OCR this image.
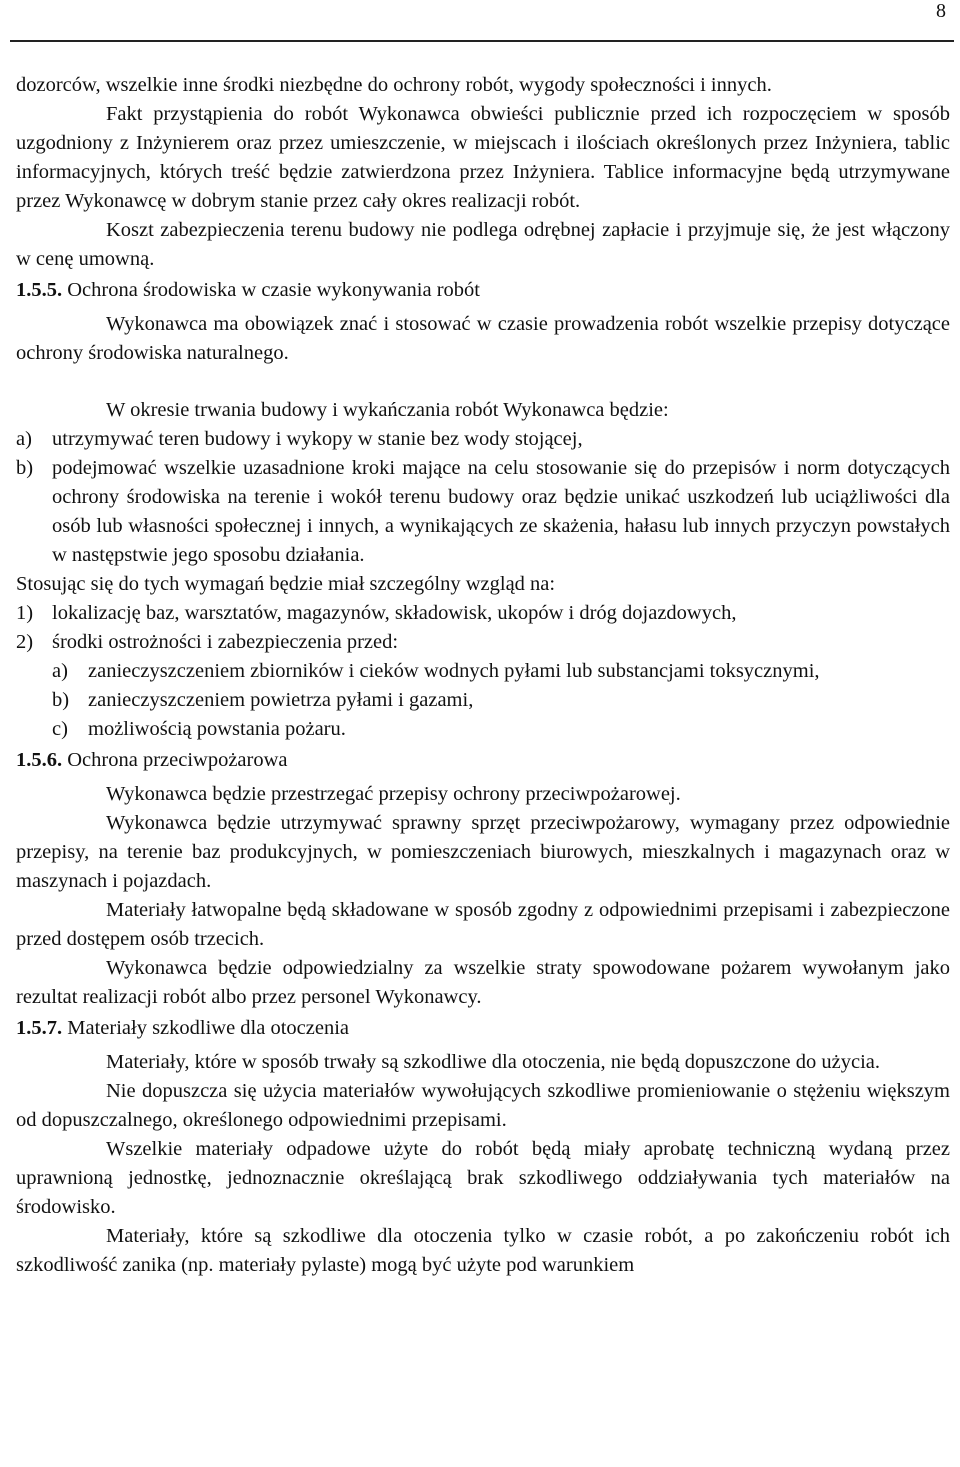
8

dozorców, wszelkie inne środki niezbędne do ochrony robót, wygody społeczności i innych.

Fakt przystąpienia do robót Wykonawca obwieści publicznie przed ich rozpoczęciem w sposób uzgodniony z Inżynierem oraz przez umieszczenie, w miejscach i ilościach określonych przez Inżyniera, tablic informacyjnych, których treść będzie zatwierdzona przez Inżyniera. Tablice informacyjne będą utrzymywane przez Wykonawcę w dobrym stanie przez cały okres realizacji robót.

Koszt zabezpieczenia terenu budowy nie podlega odrębnej zapłacie i przyjmuje się, że jest włączony w cenę umowną.

1.5.5. Ochrona środowiska w czasie wykonywania robót

Wykonawca ma obowiązek znać i stosować w czasie prowadzenia robót wszelkie przepisy dotyczące ochrony środowiska naturalnego.

W okresie trwania budowy i wykańczania robót Wykonawca będzie:

a) utrzymywać teren budowy i wykopy w stanie bez wody stojącej,
b) podejmować wszelkie uzasadnione kroki mające na celu stosowanie się do przepisów i norm dotyczących ochrony środowiska na terenie i wokół terenu budowy oraz będzie unikać uszkodzeń lub uciążliwości dla osób lub własności społecznej i innych, a wynikających ze skażenia, hałasu lub innych przyczyn powstałych w następstwie jego sposobu działania.

Stosując się do tych wymagań będzie miał szczególny wzgląd na:

1) lokalizację baz, warsztatów, magazynów, składowisk, ukopów i dróg dojazdowych,
2) środki ostrożności i zabezpieczenia przed:
a) zanieczyszczeniem zbiorników i cieków wodnych pyłami lub substancjami toksycznymi,
b) zanieczyszczeniem powietrza pyłami i gazami,
c) możliwością powstania pożaru.
1.5.6. Ochrona przeciwpożarowa

Wykonawca będzie przestrzegać przepisy ochrony przeciwpożarowej.

Wykonawca będzie utrzymywać sprawny sprzęt przeciwpożarowy, wymagany przez odpowiednie przepisy, na terenie baz produkcyjnych, w pomieszczeniach biurowych, mieszkalnych i magazynach oraz w maszynach i pojazdach.

Materiały łatwopalne będą składowane w sposób zgodny z odpowiednimi przepisami i zabezpieczone przed dostępem osób trzecich.

Wykonawca będzie odpowiedzialny za wszelkie straty spowodowane pożarem wywołanym jako rezultat realizacji robót albo przez personel Wykonawcy.

1.5.7. Materiały szkodliwe dla otoczenia

Materiały, które w sposób trwały są szkodliwe dla otoczenia, nie będą dopuszczone do użycia.

Nie dopuszcza się użycia materiałów wywołujących szkodliwe promieniowanie o stężeniu większym od dopuszczalnego, określonego odpowiednimi przepisami.

Wszelkie materiały odpadowe użyte do robót będą miały aprobatę techniczną wydaną przez uprawnioną jednostkę, jednoznacznie określającą brak szkodliwego oddziaływania tych materiałów na środowisko.

Materiały, które są szkodliwe dla otoczenia tylko w czasie robót, a po zakończeniu robót ich szkodliwość zanika (np. materiały pylaste) mogą być użyte pod warunkiem
